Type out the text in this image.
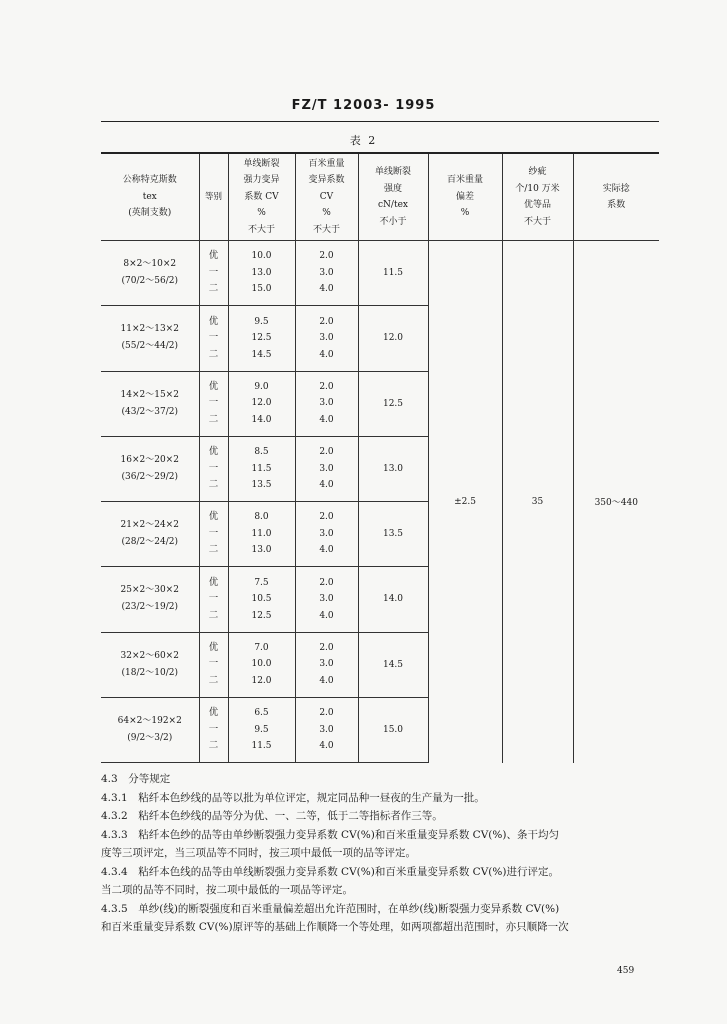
FZ/T 12003- 1995
表 2
公称特克斯数
tex
(英制支数)	等别	单线断裂
强力变异
系数 CV
%
不大于	百米重量
变异系数
CV
%
不大于	单线断裂
强度
cN/tex
不小于	百米重量
偏差
%	纱疵
个/10 万米
优等品
不大于	实际捻
系数

8×2～10×2
(70/2～56/2)	优
一
二	10.0
13.0
15.0	2.0
3.0
4.0	11.5	±2.5	35	350～440

11×2～13×2
(55/2～44/2)	优
一
二	9.5
12.5
14.5	2.0
3.0
4.0	12.0			

14×2～15×2
(43/2～37/2)	优
一
二	9.0
12.0
14.0	2.0
3.0
4.0	12.5			

16×2～20×2
(36/2～29/2)	优
一
二	8.5
11.5
13.5	2.0
3.0
4.0	13.0			

21×2～24×2
(28/2～24/2)	优
一
二	8.0
11.0
13.0	2.0
3.0
4.0	13.5			

25×2～30×2
(23/2～19/2)	优
一
二	7.5
10.5
12.5	2.0
3.0
4.0	14.0			

32×2～60×2
(18/2～10/2)	优
一
二	7.0
10.0
12.0	2.0
3.0
4.0	14.5			

64×2～192×2
(9/2～3/2)	优
一
二	6.5
9.5
11.5	2.0
3.0
4.0	15.0			

4.3　分等规定

4.3.1　粘纤本色纱线的品等以批为单位评定，规定同品种一昼夜的生产量为一批。

4.3.2　粘纤本色纱线的品等分为优、一、二等，低于二等指标者作三等。

4.3.3　粘纤本色纱的品等由单纱断裂强力变异系数 CV(%)和百米重量变异系数 CV(%)、条干均匀

度等三项评定，当三项品等不同时，按三项中最低一项的品等评定。

4.3.4　粘纤本色线的品等由单线断裂强力变异系数 CV(%)和百米重量变异系数 CV(%)进行评定。

当二项的品等不同时，按二项中最低的一项品等评定。

4.3.5　单纱(线)的断裂强度和百米重量偏差超出允许范围时，在单纱(线)断裂强力变异系数 CV(%)

和百米重量变异系数 CV(%)原评等的基础上作顺降一个等处理，如两项都超出范围时，亦只顺降一次

459
